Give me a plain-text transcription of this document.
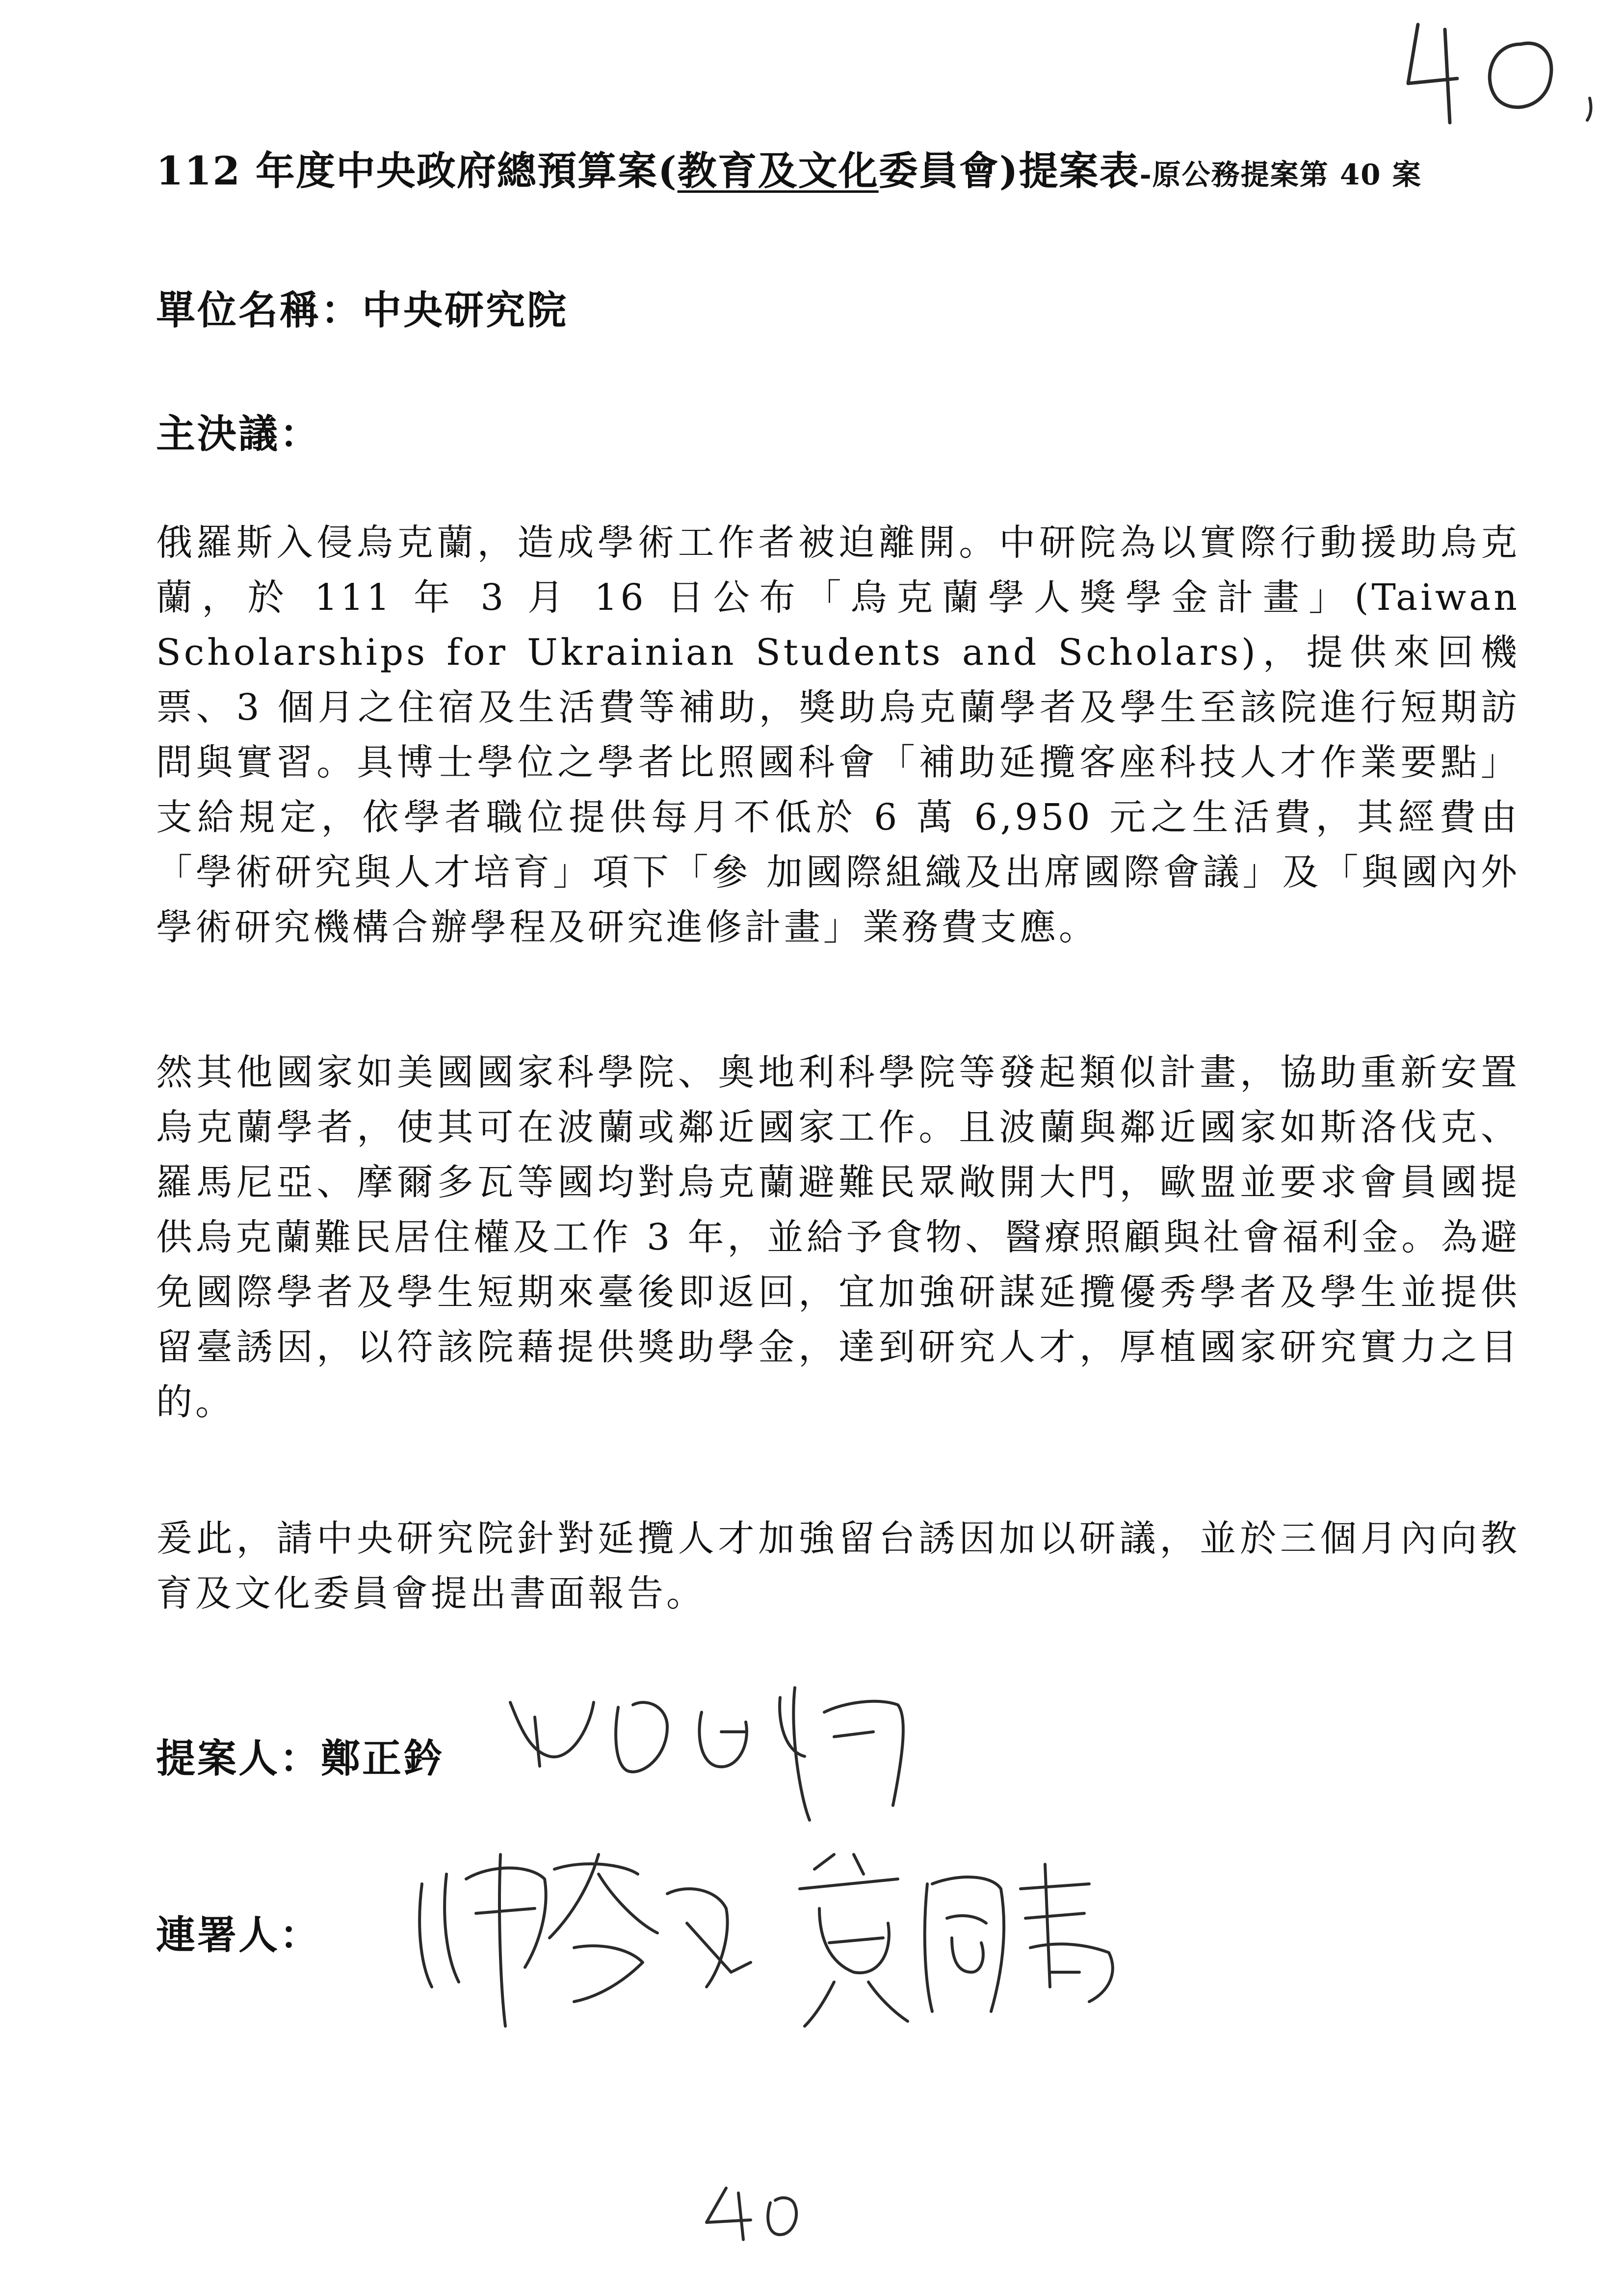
112 年度中央政府總預算案(教育及文化委員會)提案表-原公務提案第 40 案
單位名稱：中央研究院
主決議：
俄羅斯入侵烏克蘭，造成學術工作者被迫離開。中研院為以實際行動援助烏克蘭，於 111 年 3 月 16 日公布「烏克蘭學人獎學金計畫」(Taiwan Scholarships for Ukrainian Students and Scholars)，提供來回機票、3 個月之住宿及生活費等補助，獎助烏克蘭學者及學生至該院進行短期訪問與實習。具博士學位之學者比照國科會「補助延攬客座科技人才作業要點」支給規定，依學者職位提供每月不低於 6 萬 6,950 元之生活費，其經費由「學術研究與人才培育」項下「參 加國際組織及出席國際會議」及「與國內外學術研究機構合辦學程及研究進修計畫」業務費支應。
然其他國家如美國國家科學院、奧地利科學院等發起類似計畫，協助重新安置烏克蘭學者，使其可在波蘭或鄰近國家工作。且波蘭與鄰近國家如斯洛伐克、羅馬尼亞、摩爾多瓦等國均對烏克蘭避難民眾敞開大門，歐盟並要求會員國提供烏克蘭難民居住權及工作 3 年，並給予食物、醫療照顧與社會福利金。為避免國際學者及學生短期來臺後即返回，宜加強研謀延攬優秀學者及學生並提供留臺誘因，以符該院藉提供獎助學金，達到研究人才，厚植國家研究實力之目的。
爰此，請中央研究院針對延攬人才加強留台誘因加以研議，並於三個月內向教育及文化委員會提出書面報告。
提案人：鄭正鈐
連署人：
